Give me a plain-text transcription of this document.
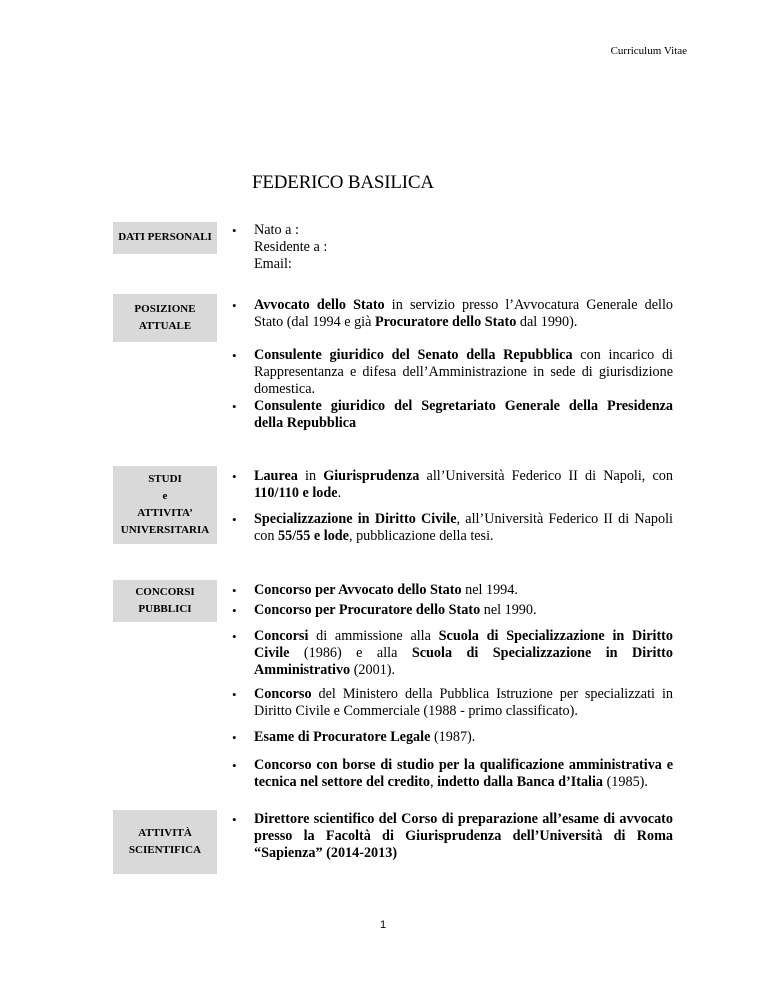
Curriculum Vitae
FEDERICO BASILICA
DATI PERSONALI
POSIZIONE
ATTUALE
STUDI
e
ATTIVITA’
UNIVERSITARIA
CONCORSI
PUBBLICI
ATTIVITÀ
SCIENTIFICA
• Nato a :
Residente a :
Email:
• Avvocato dello Stato in servizio presso l’Avvocatura Generale dello Stato (dal 1994 e già Procuratore dello Stato dal 1990).
• Consulente giuridico del Senato della Repubblica con incarico di Rappresentanza e difesa dell’Amministrazione in sede di giurisdizione domestica.
• Consulente giuridico del Segretariato Generale della Presidenza della Repubblica
• Laurea in Giurisprudenza all’Università Federico II di Napoli, con 110/110 e lode.
• Specializzazione in Diritto Civile, all’Università Federico II di Napoli con 55/55 e lode, pubblicazione della tesi.
• Concorso per Avvocato dello Stato nel 1994.
• Concorso per Procuratore dello Stato nel 1990.
• Concorsi di ammissione alla Scuola di Specializzazione in Diritto Civile (1986) e alla Scuola di Specializzazione in Diritto Amministrativo (2001).
• Concorso del Ministero della Pubblica Istruzione per specializzati in Diritto Civile e Commerciale (1988 - primo classificato).
• Esame di Procuratore Legale (1987).
• Concorso con borse di studio per la qualificazione amministrativa e tecnica nel settore del credito, indetto dalla Banca d’Italia (1985).
• Direttore scientifico del Corso di preparazione all’esame di avvocato presso la Facoltà di Giurisprudenza dell’Università di Roma “Sapienza” (2014-2013)
1
